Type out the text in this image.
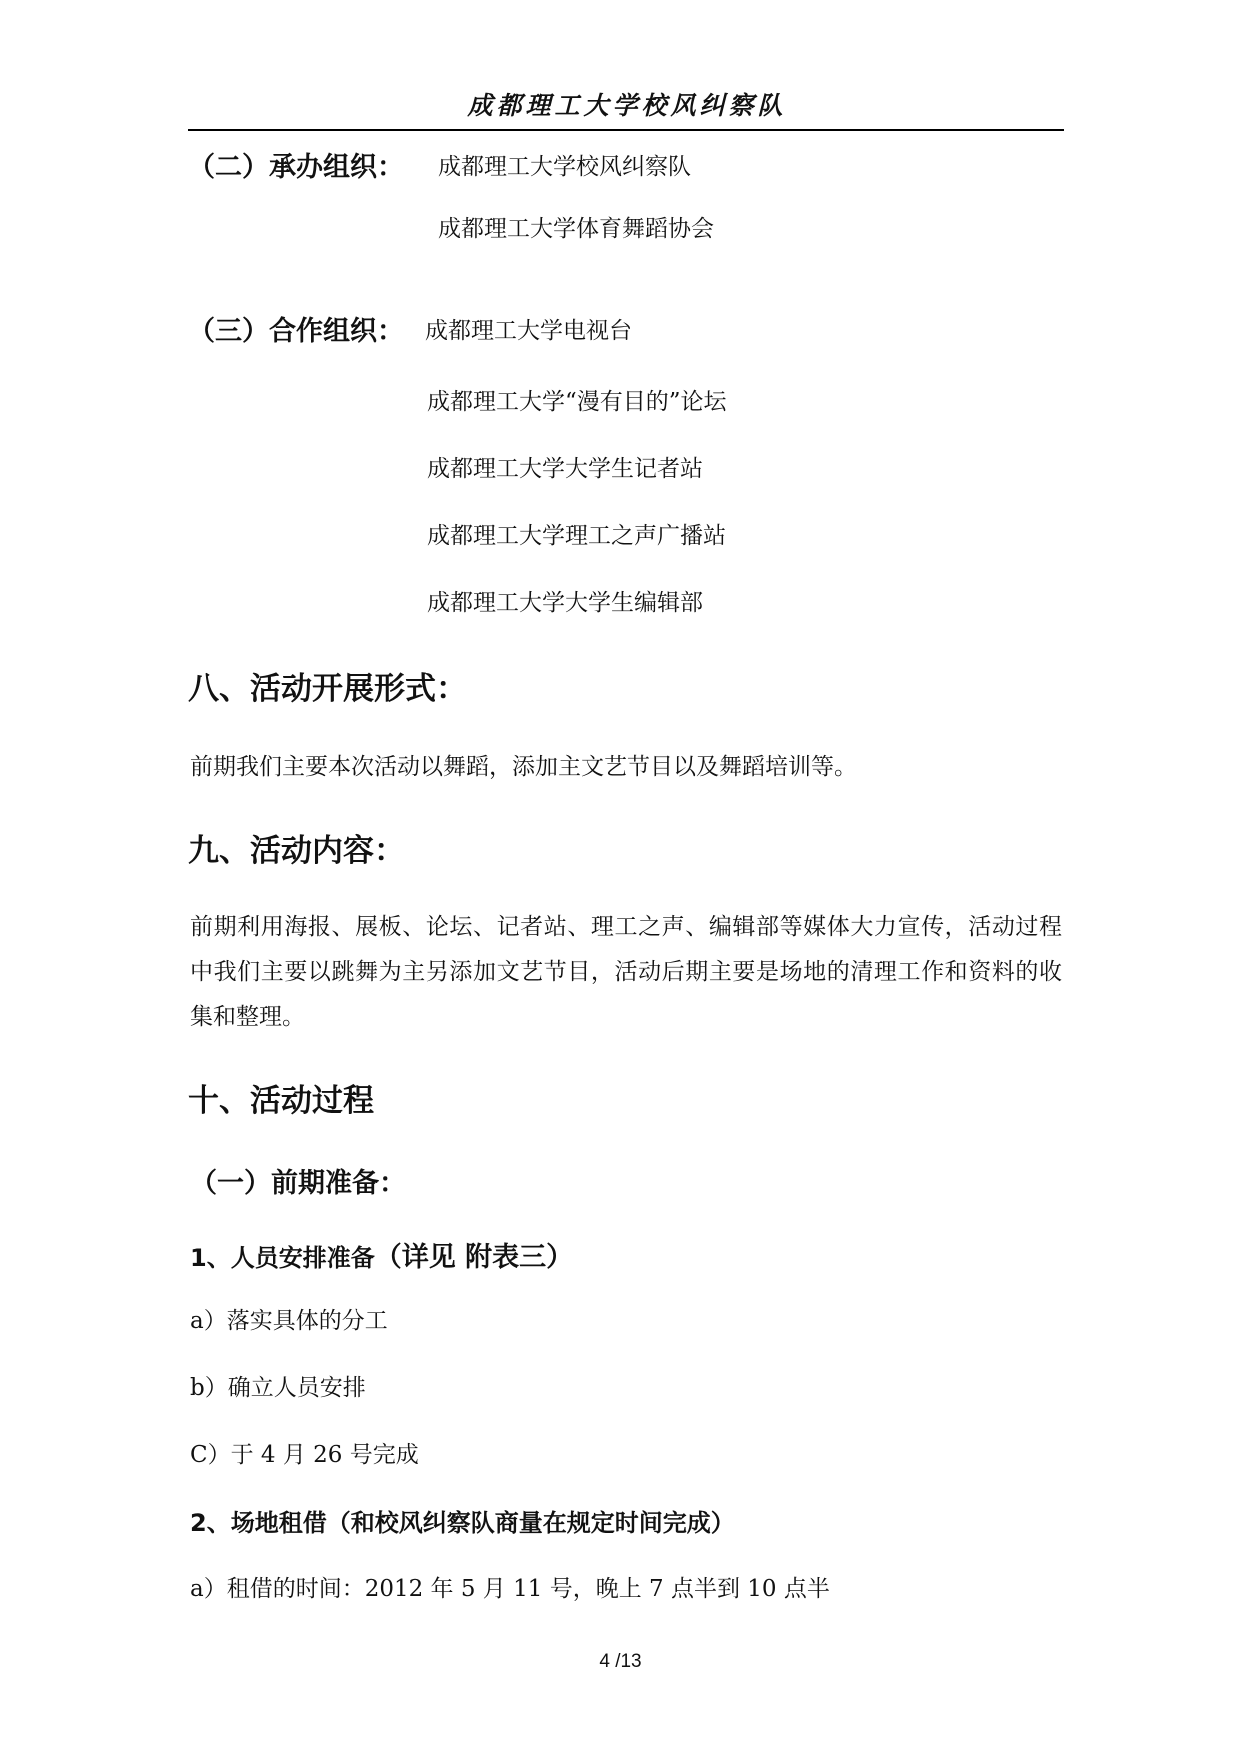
成都理工大学校风纠察队
（二）承办组织： 成都理工大学校风纠察队
成都理工大学体育舞蹈协会
（三）合作组织： 成都理工大学电视台
成都理工大学“漫有目的”论坛
成都理工大学大学生记者站
成都理工大学理工之声广播站
成都理工大学大学生编辑部
八、活动开展形式：
前期我们主要本次活动以舞蹈，添加主文艺节目以及舞蹈培训等。
九、活动内容：
前期利用海报、展板、论坛、记者站、理工之声、编辑部等媒体大力宣传，活动过程中我们主要以跳舞为主另添加文艺节目，活动后期主要是场地的清理工作和资料的收集和整理。
十、活动过程
（一）前期准备：
1、人员安排准备（详见 附表三）
a）落实具体的分工
b）确立人员安排
C）于 4 月 26 号完成
2、场地租借（和校风纠察队商量在规定时间完成）
a）租借的时间：2012 年 5 月 11 号，晚上 7 点半到 10 点半
4 /13
